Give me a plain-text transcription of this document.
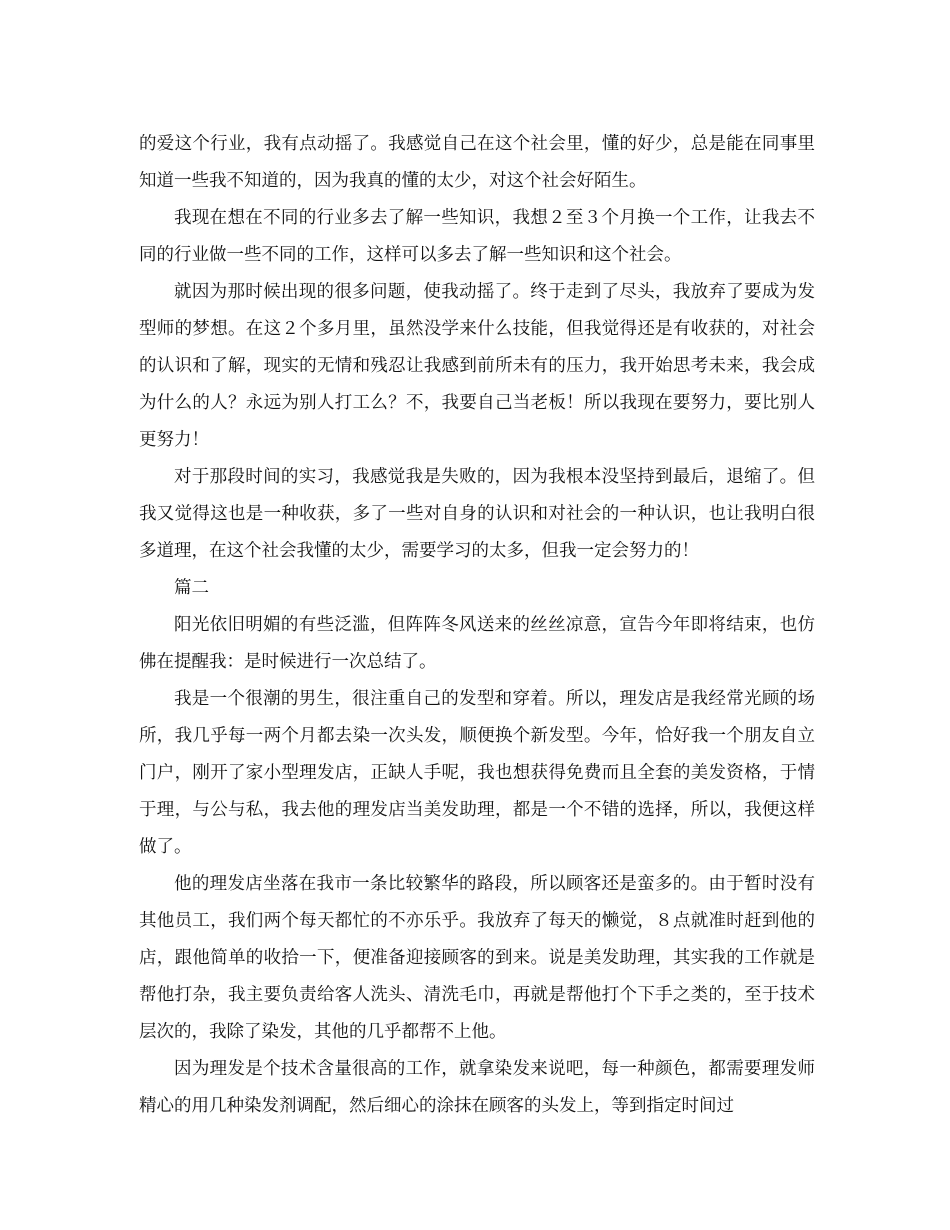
的爱这个行业，我有点动摇了。我感觉自己在这个社会里，懂的好少，总是能在同事里知道一些我不知道的，因为我真的懂的太少，对这个社会好陌生。

我现在想在不同的行业多去了解一些知识，我想２至３个月换一个工作，让我去不同的行业做一些不同的工作，这样可以多去了解一些知识和这个社会。

就因为那时候出现的很多问题，使我动摇了。终于走到了尽头，我放弃了要成为发型师的梦想。在这２个多月里，虽然没学来什么技能，但我觉得还是有收获的，对社会的认识和了解，现实的无情和残忍让我感到前所未有的压力，我开始思考未来，我会成为什么的人？永远为别人打工么？不，我要自己当老板！所以我现在要努力，要比别人更努力！

对于那段时间的实习，我感觉我是失败的，因为我根本没坚持到最后，退缩了。但我又觉得这也是一种收获，多了一些对自身的认识和对社会的一种认识，也让我明白很多道理，在这个社会我懂的太少，需要学习的太多，但我一定会努力的！

篇二

阳光依旧明媚的有些泛滥，但阵阵冬风送来的丝丝凉意，宣告今年即将结束，也仿佛在提醒我：是时候进行一次总结了。

我是一个很潮的男生，很注重自己的发型和穿着。所以，理发店是我经常光顾的场所，我几乎每一两个月都去染一次头发，顺便换个新发型。今年，恰好我一个朋友自立门户，刚开了家小型理发店，正缺人手呢，我也想获得免费而且全套的美发资格，于情于理，与公与私，我去他的理发店当美发助理，都是一个不错的选择，所以，我便这样做了。

他的理发店坐落在我市一条比较繁华的路段，所以顾客还是蛮多的。由于暂时没有其他员工，我们两个每天都忙的不亦乐乎。我放弃了每天的懒觉，８点就准时赶到他的店，跟他简单的收拾一下，便准备迎接顾客的到来。说是美发助理，其实我的工作就是帮他打杂，我主要负责给客人洗头、清洗毛巾，再就是帮他打个下手之类的，至于技术层次的，我除了染发，其他的几乎都帮不上他。

因为理发是个技术含量很高的工作，就拿染发来说吧，每一种颜色，都需要理发师精心的用几种染发剂调配，然后细心的涂抹在顾客的头发上，等到指定时间过
